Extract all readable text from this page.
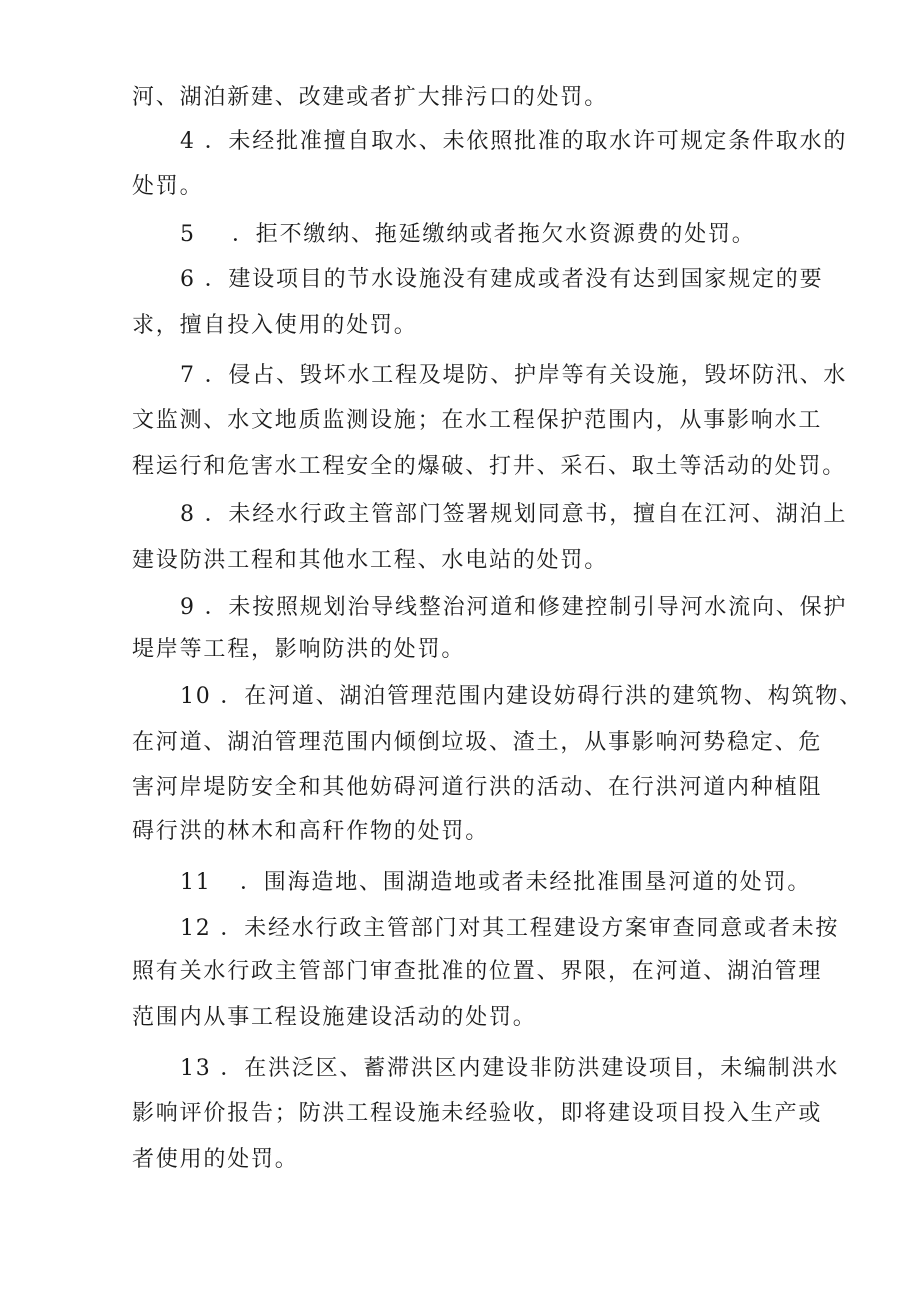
河、湖泊新建、改建或者扩大排污口的处罚。
4 ．未经批准擅自取水、未依照批准的取水许可规定条件取水的
处罚。
5 ．拒不缴纳、拖延缴纳或者拖欠水资源费的处罚。
6 ．建设项目的节水设施没有建成或者没有达到国家规定的要
求，擅自投入使用的处罚。
7 ．侵占、毁坏水工程及堤防、护岸等有关设施，毁坏防汛、水
文监测、水文地质监测设施；在水工程保护范围内，从事影响水工
程运行和危害水工程安全的爆破、打井、采石、取土等活动的处罚。
8 ．未经水行政主管部门签署规划同意书，擅自在江河、湖泊上
建设防洪工程和其他水工程、水电站的处罚。
9 ．未按照规划治导线整治河道和修建控制引导河水流向、保护
堤岸等工程，影响防洪的处罚。
10 ．在河道、湖泊管理范围内建设妨碍行洪的建筑物、构筑物、
在河道、湖泊管理范围内倾倒垃圾、渣土，从事影响河势稳定、危
害河岸堤防安全和其他妨碍河道行洪的活动、在行洪河道内种植阻
碍行洪的林木和高秆作物的处罚。
11 ．围海造地、围湖造地或者未经批准围垦河道的处罚。
12 ．未经水行政主管部门对其工程建设方案审查同意或者未按
照有关水行政主管部门审查批准的位置、界限，在河道、湖泊管理
范围内从事工程设施建设活动的处罚。
13 ．在洪泛区、蓄滞洪区内建设非防洪建设项目，未编制洪水
影响评价报告；防洪工程设施未经验收，即将建设项目投入生产或
者使用的处罚。
